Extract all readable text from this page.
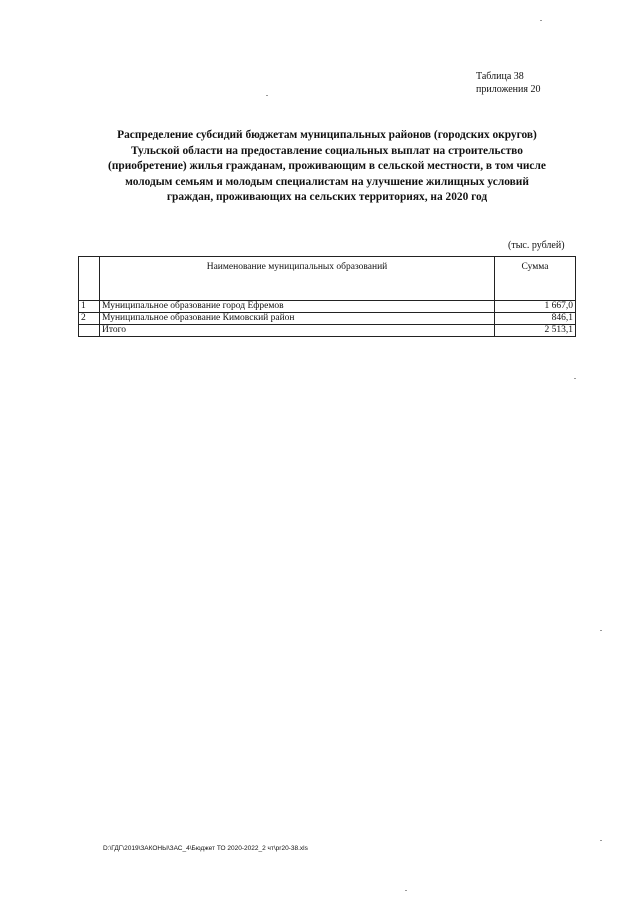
Таблица 38
приложения 20
Распределение субсидий бюджетам муниципальных районов (городских округов)
Тульской области на предоставление социальных выплат на строительство
(приобретение) жилья гражданам, проживающим в сельской местности, в том числе
молодым семьям и молодым специалистам на улучшение жилищных условий
граждан, проживающих на сельских территориях, на 2020 год
(тыс. рублей)
	Наименование муниципальных образований	Сумма
1	Муниципальное образование город Ефремов	1 667,0
2	Муниципальное образование Кимовский район	846,1
	Итого	2 513,1
D:\ГДГ\2019\ЗАКОНЫ\ЗАС_4\Бюджет ТО 2020-2022_2 чт\pr20-38.xls
